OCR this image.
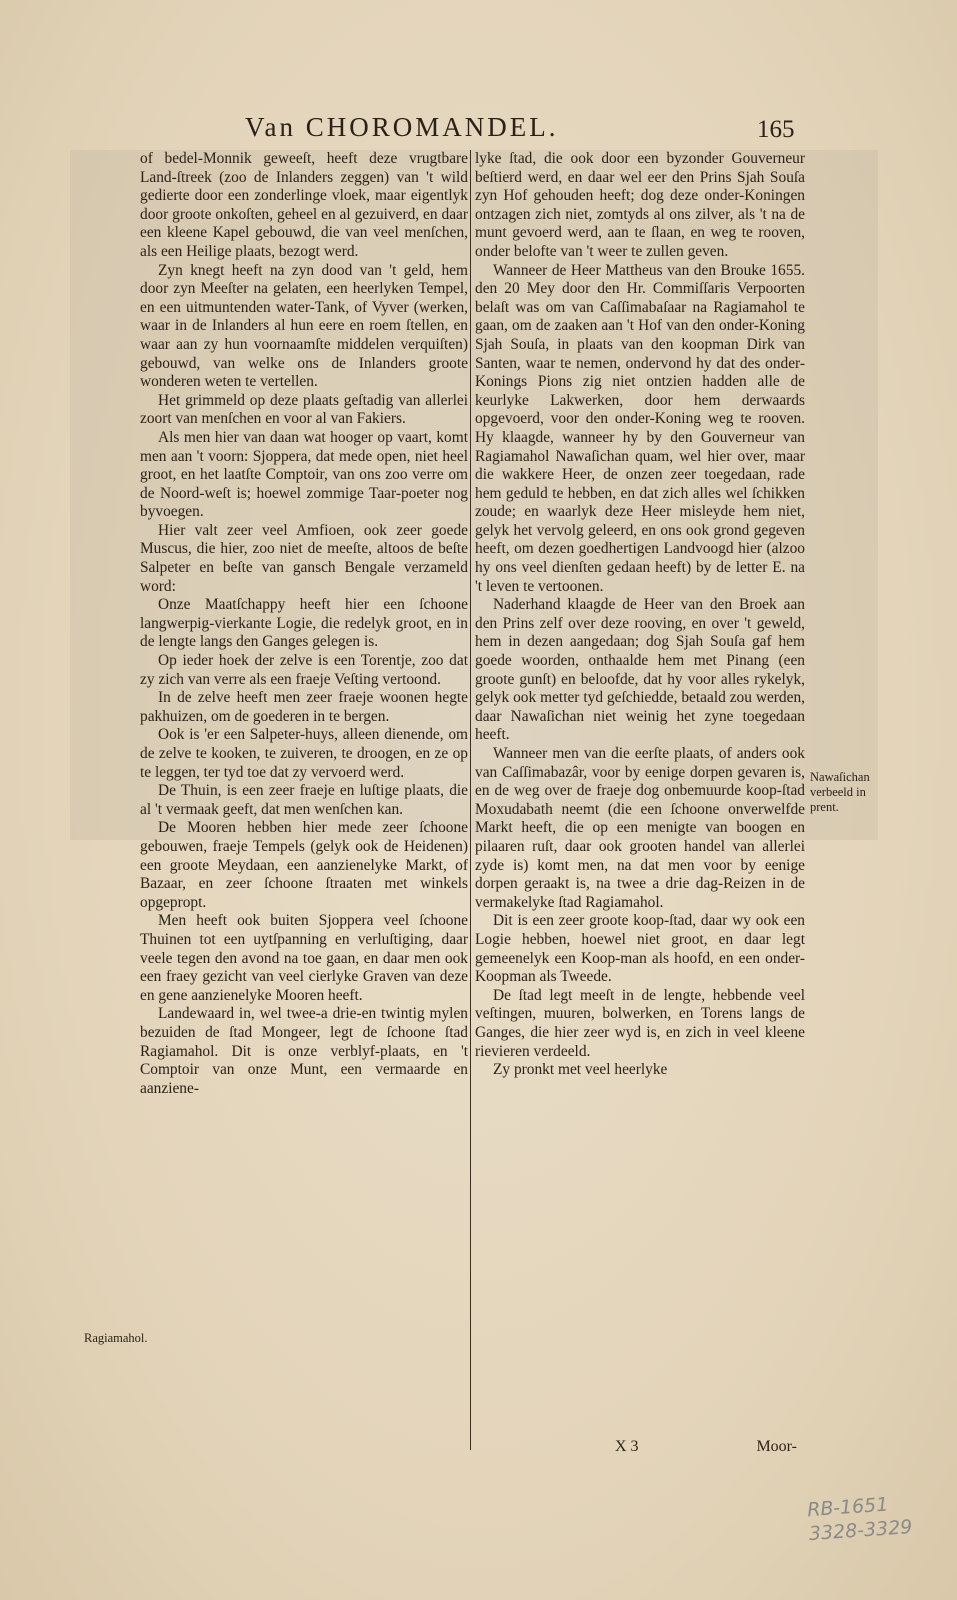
Van CHOROMANDEL.	165

of bedel-Monnik geweeſt, heeft deze vrugtbare Land-ſtreek (zoo de Inlanders zeggen) van 't wild gedierte door een zonderlinge vloek, maar eigentlyk door groote onkoſten, geheel en al gezuiverd, en daar een kleene Kapel gebouwd, die van veel menſchen, als een Heilige plaats, bezogt werd.

Zyn knegt heeft na zyn dood van 't geld, hem door zyn Meeſter na gelaten, een heerlyken Tempel, en een uitmuntenden water-Tank, of Vyver (werken, waar in de Inlanders al hun eere en roem ſtellen, en waar aan zy hun voornaamſte middelen verquiſten) gebouwd, van welke ons de Inlanders groote wonderen weten te vertellen.

Het grimmeld op deze plaats geſtadig van allerlei zoort van menſchen en voor al van Fakiers.

Als men hier van daan wat hooger op vaart, komt men aan 't voorn: Sjoppera, dat mede open, niet heel groot, en het laatſte Comptoir, van ons zoo verre om de Noord-weſt is; hoewel zommige Taar-poeter nog byvoegen.

Hier valt zeer veel Amfioen, ook zeer goede Muscus, die hier, zoo niet de meeſte, altoos de beſte Salpeter en beſte van gansch Bengale verzameld word:

Onze Maatſchappy heeft hier een ſchoone langwerpig-vierkante Logie, die redelyk groot, en in de lengte langs den Ganges gelegen is.

Op ieder hoek der zelve is een Torentje, zoo dat zy zich van verre als een fraeje Veſting vertoond.

In de zelve heeft men zeer fraeje woonen hegte pakhuizen, om de goederen in te bergen.

Ook is 'er een Salpeter-huys, alleen dienende, om de zelve te kooken, te zuiveren, te droogen, en ze op te leggen, ter tyd toe dat zy vervoerd werd.

De Thuin, is een zeer fraeje en luſtige plaats, die al 't vermaak geeft, dat men wenſchen kan.

De Mooren hebben hier mede zeer ſchoone gebouwen, fraeje Tempels (gelyk ook de Heidenen) een groote Meydaan, een aanzienelyke Markt, of Bazaar, en zeer ſchoone ſtraaten met winkels opgepropt.

Men heeft ook buiten Sjoppera veel ſchoone Thuinen tot een uytſpanning en verluſtiging, daar veele tegen den avond na toe gaan, en daar men ook een fraey gezicht van veel cierlyke Graven van deze en gene aanzienelyke Mooren heeft.

Landewaard in, wel twee-a drie-en twintig mylen bezuiden de ſtad Mongeer, legt de ſchoone ſtad Ragiamahol. Dit is onze verblyf-plaats, en 't Comptoir van onze Munt, een vermaarde en aanziene-

lyke ſtad, die ook door een byzonder Gouverneur beſtierd werd, en daar wel eer den Prins Sjah Souſa zyn Hof gehouden heeft; dog deze onder-Koningen ontzagen zich niet, zomtyds al ons zilver, als 't na de munt gevoerd werd, aan te ſlaan, en weg te rooven, onder belofte van 't weer te zullen geven.

Wanneer de Heer Mattheus van den Brouke 1655. den 20 Mey door den Hr. Commiſſaris Verpoorten belaſt was om van Caſſimabaſaar na Ragiamahol te gaan, om de zaaken aan 't Hof van den onder-Koning Sjah Souſa, in plaats van den koopman Dirk van Santen, waar te nemen, ondervond hy dat des onder-Konings Pions zig niet ontzien hadden alle de keurlyke Lakwerken, door hem derwaards opgevoerd, voor den onder-Koning weg te rooven. Hy klaagde, wanneer hy by den Gouverneur van Ragiamahol Nawaſichan quam, wel hier over, maar die wakkere Heer, de onzen zeer toegedaan, rade hem geduld te hebben, en dat zich alles wel ſchikken zoude; en waarlyk deze Heer misleyde hem niet, gelyk het vervolg geleerd, en ons ook grond gegeven heeft, om dezen goedhertigen Landvoogd hier (alzoo hy ons veel dienſten gedaan heeft) by de letter E. na 't leven te vertoonen.

Naderhand klaagde de Heer van den Broek aan den Prins zelf over deze rooving, en over 't geweld, hem in dezen aangedaan; dog Sjah Souſa gaf hem goede woorden, onthaalde hem met Pinang (een groote gunſt) en beloofde, dat hy voor alles rykelyk, gelyk ook metter tyd geſchiedde, betaald zou werden, daar Nawaſichan niet weinig het zyne toegedaan heeft.

Wanneer men van die eerſte plaats, of anders ook van Caſſimabazâr, voor by eenige dorpen gevaren is, en de weg over de fraeje dog onbemuurde koop-ſtad Moxudabath neemt (die een ſchoone onverwelfde Markt heeft, die op een menigte van boogen en pilaaren ruſt, daar ook grooten handel van allerlei zyde is) komt men, na dat men voor by eenige dorpen geraakt is, na twee a drie dag-Reizen in de vermakelyke ſtad Ragiamahol.

Dit is een zeer groote koop-ſtad, daar wy ook een Logie hebben, hoewel niet groot, en daar legt gemeenelyk een Koop-man als hoofd, en een onder-Koopman als Tweede.

De ſtad legt meeſt in de lengte, hebbende veel veſtingen, muuren, bolwerken, en Torens langs de Ganges, die hier zeer wyd is, en zich in veel kleene rievieren verdeeld.

Zy pronkt met veel heerlyke

Ragiamahol.
Nawaſichan verbeeld in prent.
X 3	Moor-
RB-1651
3328-3329
